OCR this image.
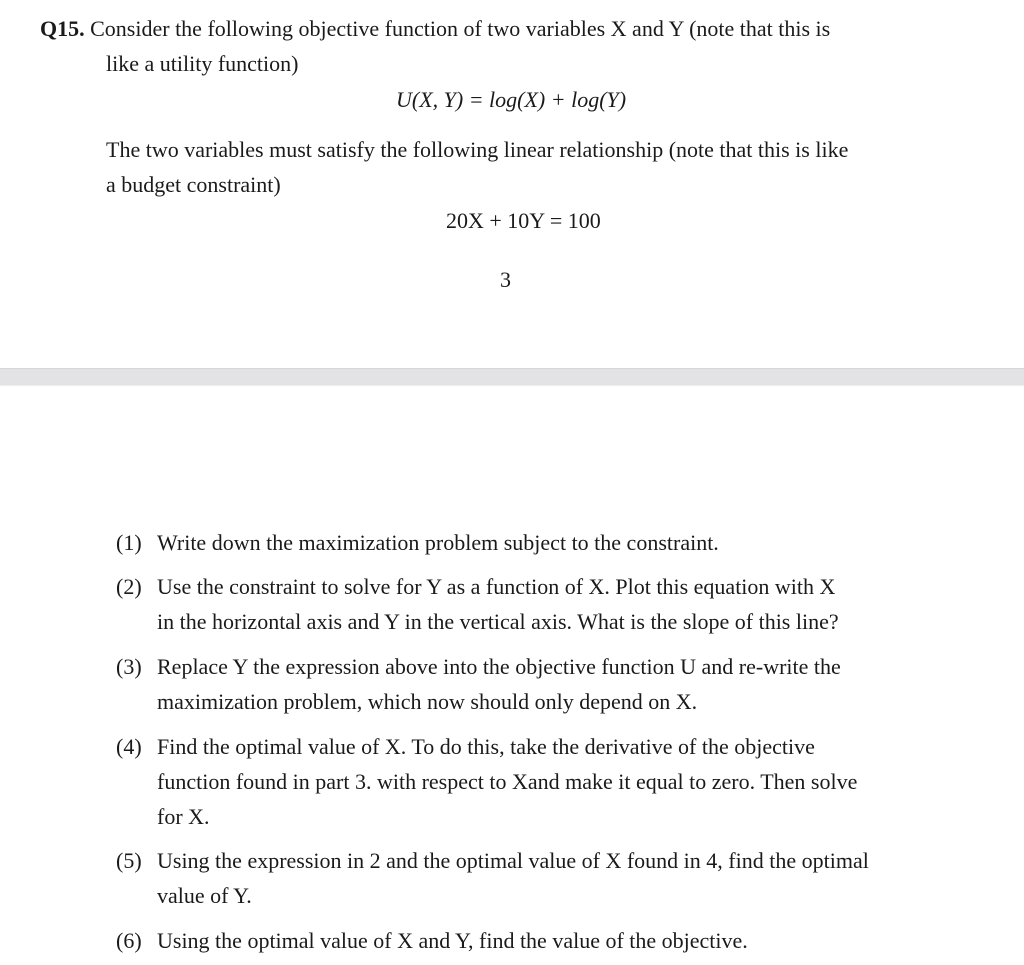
Q15. Consider the following objective function of two variables X and Y (note that this is
like a utility function)
U(X, Y) = log(X) + log(Y)
The two variables must satisfy the following linear relationship (note that this is like
a budget constraint)
20X + 10Y = 100
3
(1) Write down the maximization problem subject to the constraint.
(2) Use the constraint to solve for Y as a function of X. Plot this equation with X
in the horizontal axis and Y in the vertical axis. What is the slope of this line?
(3) Replace Y the expression above into the objective function U and re-write the
maximization problem, which now should only depend on X.
(4) Find the optimal value of X. To do this, take the derivative of the objective
function found in part 3. with respect to Xand make it equal to zero. Then solve
for X.
(5) Using the expression in 2 and the optimal value of X found in 4, find the optimal
value of Y.
(6) Using the optimal value of X and Y, find the value of the objective.
